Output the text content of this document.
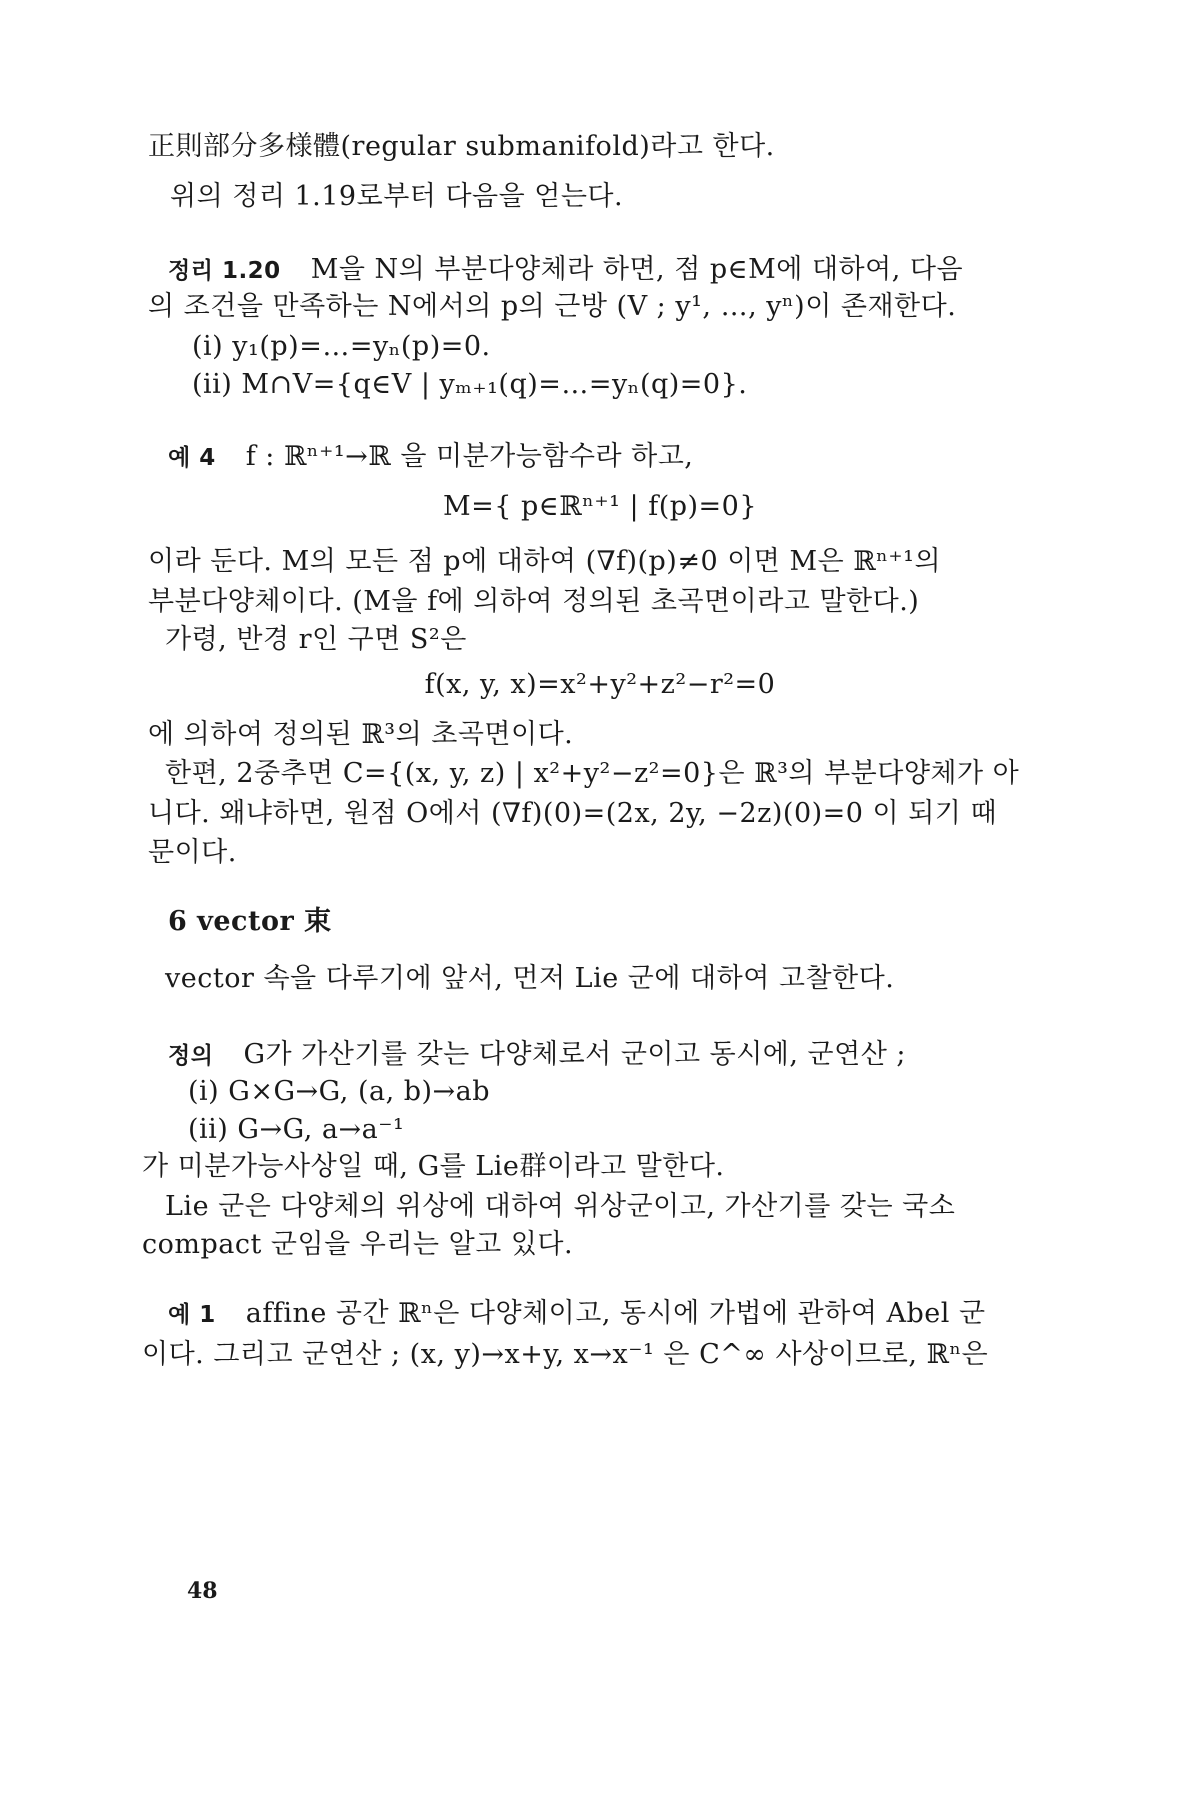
正則部分多様體(regular submanifold)라고 한다.
위의 정리 1.19로부터 다음을 얻는다.
정리 1.20 M을 N의 부분다양체라 하면, 점 p∈M에 대하여, 다음
의 조건을 만족하는 N에서의 p의 근방 (V ; y¹, …, yⁿ)이 존재한다.
(i) y₁(p)=…=yₙ(p)=0.
(ii) M∩V={q∈V | yₘ₊₁(q)=…=yₙ(q)=0}.
예 4 f : ℝⁿ⁺¹→ℝ 을 미분가능함수라 하고,
M={ p∈ℝⁿ⁺¹ | f(p)=0}
이라 둔다. M의 모든 점 p에 대하여 (∇f)(p)≠0 이면 M은 ℝⁿ⁺¹의
부분다양체이다. (M을 f에 의하여 정의된 초곡면이라고 말한다.)
가령, 반경 r인 구면 S²은
f(x, y, x)=x²+y²+z²−r²=0
에 의하여 정의된 ℝ³의 초곡면이다.
한편, 2중추면 C={(x, y, z) | x²+y²−z²=0}은 ℝ³의 부분다양체가 아
니다. 왜냐하면, 원점 O에서 (∇f)(0)=(2x, 2y, −2z)(0)=0 이 되기 때
문이다.
6 vector 束
vector 속을 다루기에 앞서, 먼저 Lie 군에 대하여 고찰한다.
정의 G가 가산기를 갖는 다양체로서 군이고 동시에, 군연산 ;
(i) G×G→G, (a, b)→ab
(ii) G→G, a→a⁻¹
가 미분가능사상일 때, G를 Lie群이라고 말한다.
Lie 군은 다양체의 위상에 대하여 위상군이고, 가산기를 갖는 국소
compact 군임을 우리는 알고 있다.
예 1 affine 공간 ℝⁿ은 다양체이고, 동시에 가법에 관하여 Abel 군
이다. 그리고 군연산 ; (x, y)→x+y, x→x⁻¹ 은 C^∞ 사상이므로, ℝⁿ은
48
